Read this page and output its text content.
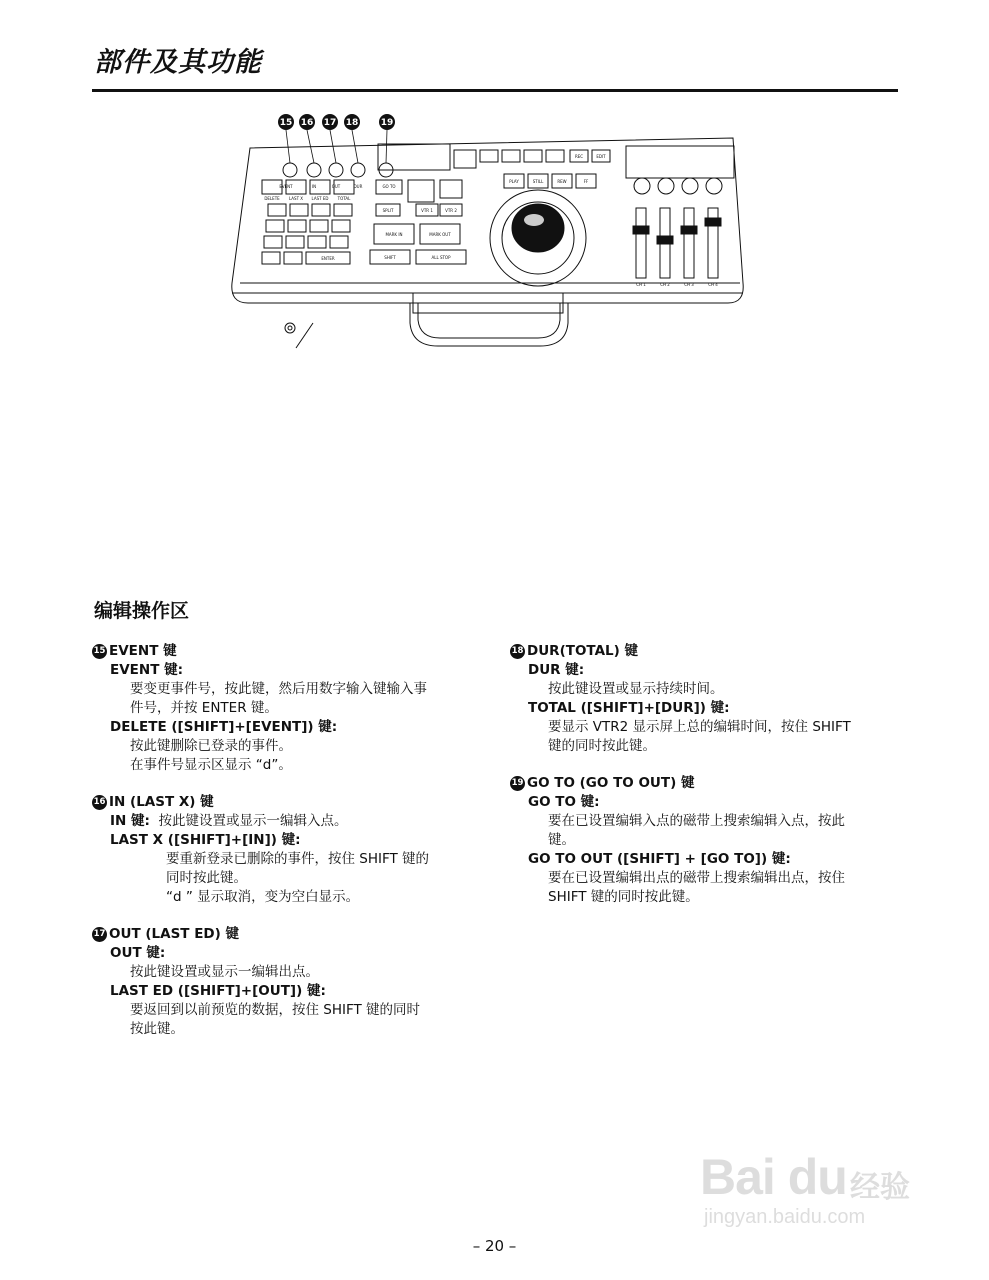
部件及其功能
15 16 17 18 19
EVENT	IN	OUT	DUR	GO TO
DELETE LAST X LAST ED TOTAL
SHIFT	ALL STOP
ENTER
SPLIT	VTR 1	VTR 2
PLAY	STILL	REW	FF
REC	EDIT
MARK IN	MARK OUT
CH 1	CH 2	CH 3	CH 4
编辑操作区
15 EVENT 键
EVENT 键:
要变更事件号，按此键，然后用数字输入键输入事
件号，并按 ENTER 键。
DELETE ([SHIFT]+[EVENT]) 键:
按此键删除已登录的事件。
在事件号显示区显示 “d”。
16 IN (LAST X) 键
IN 键: 按此键设置或显示一编辑入点。
LAST X ([SHIFT]+[IN]) 键:
要重新登录已删除的事件，按住 SHIFT 键的
同时按此键。
“d ” 显示取消，变为空白显示。
17 OUT (LAST ED) 键
OUT 键:
按此键设置或显示一编辑出点。
LAST ED ([SHIFT]+[OUT]) 键:
要返回到以前预览的数据，按住 SHIFT 键的同时
按此键。
18 DUR(TOTAL) 键
DUR 键:
按此键设置或显示持续时间。
TOTAL ([SHIFT]+[DUR]) 键:
要显示 VTR2 显示屏上总的编辑时间，按住 SHIFT
键的同时按此键。
19 GO TO (GO TO OUT) 键
GO TO 键:
要在已设置编辑入点的磁带上搜索编辑入点，按此
键。
GO TO OUT ([SHIFT] + [GO TO]) 键:
要在已设置编辑出点的磁带上搜索编辑出点，按住
SHIFT 键的同时按此键。
Bai du 经验
jingyan.baidu.com
– 20 –
